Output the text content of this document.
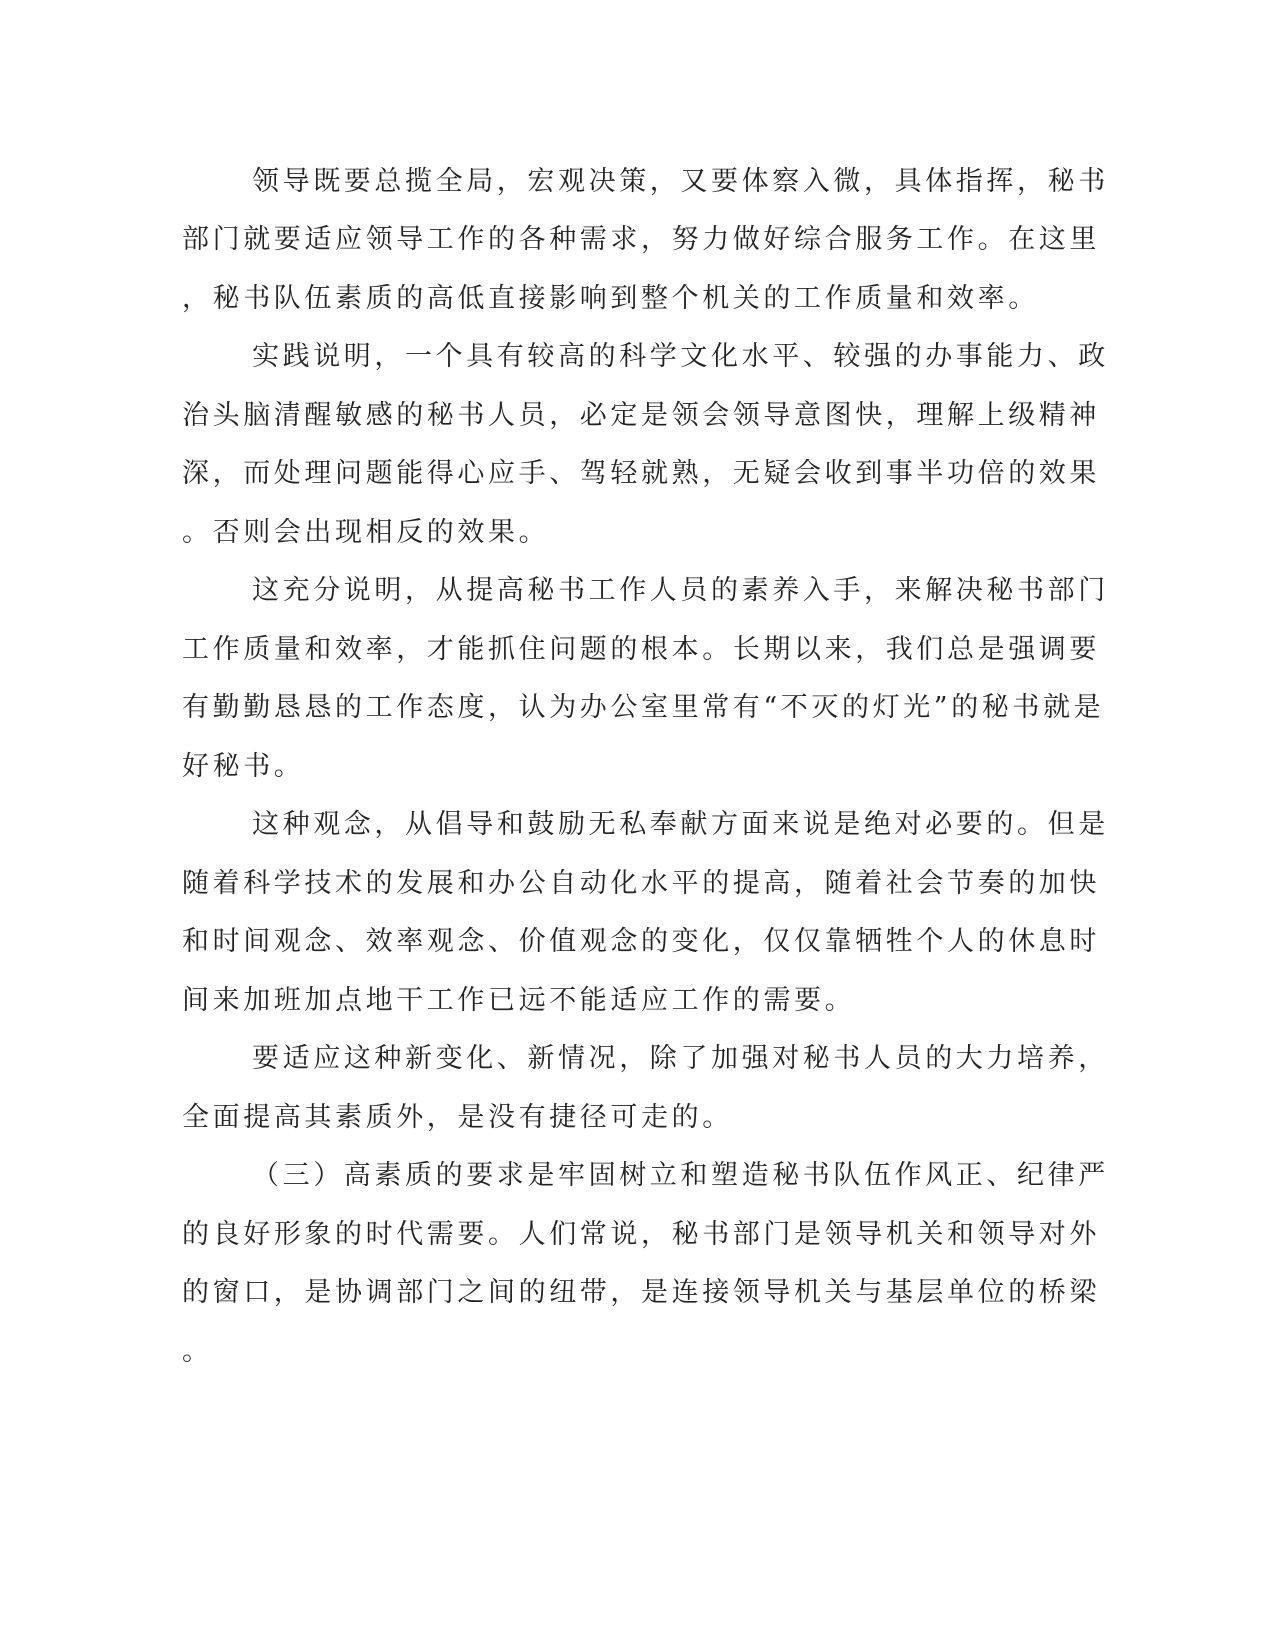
领导既要总揽全局，宏观决策，又要体察入微，具体指挥，秘书
部门就要适应领导工作的各种需求，努力做好综合服务工作。在这里
，秘书队伍素质的高低直接影响到整个机关的工作质量和效率。
实践说明，一个具有较高的科学文化水平、较强的办事能力、政
治头脑清醒敏感的秘书人员，必定是领会领导意图快，理解上级精神
深，而处理问题能得心应手、驾轻就熟，无疑会收到事半功倍的效果
。否则会出现相反的效果。
这充分说明，从提高秘书工作人员的素养入手，来解决秘书部门
工作质量和效率，才能抓住问题的根本。长期以来，我们总是强调要
有勤勤恳恳的工作态度，认为办公室里常有“不灭的灯光”的秘书就是
好秘书。
这种观念，从倡导和鼓励无私奉献方面来说是绝对必要的。但是
随着科学技术的发展和办公自动化水平的提高，随着社会节奏的加快
和时间观念、效率观念、价值观念的变化，仅仅靠牺牲个人的休息时
间来加班加点地干工作已远不能适应工作的需要。
要适应这种新变化、新情况，除了加强对秘书人员的大力培养，
全面提高其素质外，是没有捷径可走的。
（三）高素质的要求是牢固树立和塑造秘书队伍作风正、纪律严
的良好形象的时代需要。人们常说，秘书部门是领导机关和领导对外
的窗口，是协调部门之间的纽带，是连接领导机关与基层单位的桥梁
。
